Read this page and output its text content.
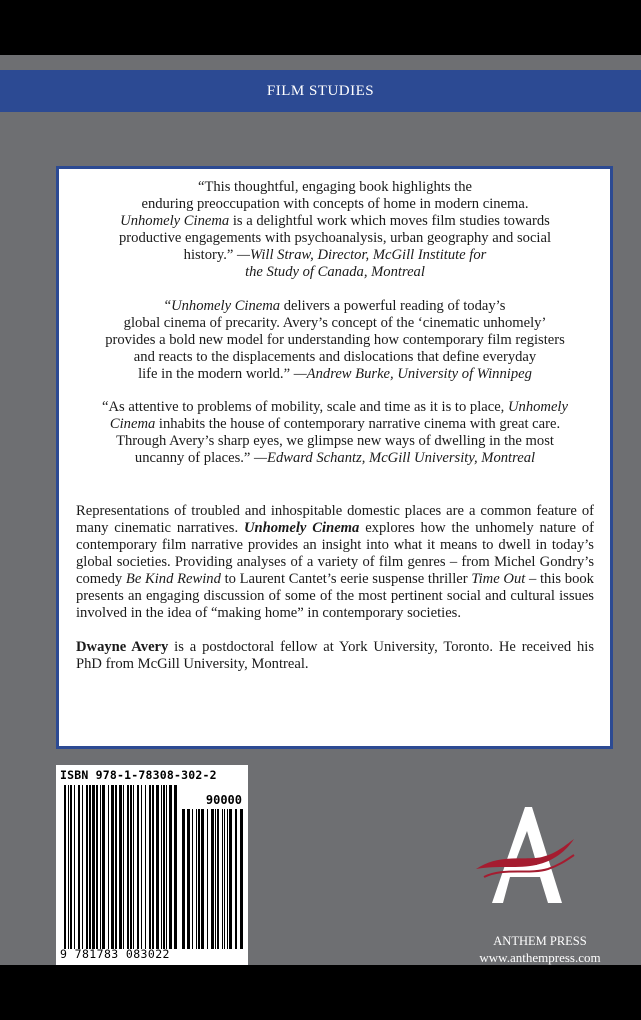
FILM STUDIES

“This thoughtful, engaging book highlights the
enduring preoccupation with concepts of home in modern cinema.
Unhomely Cinema is a delightful work which moves film studies towards
productive engagements with psychoanalysis, urban geography and social
history.” —Will Straw, Director, McGill Institute for
the Study of Canada, Montreal

“Unhomely Cinema delivers a powerful reading of today’s
global cinema of precarity. Avery’s concept of the ‘cinematic unhomely’
provides a bold new model for understanding how contemporary film registers
and reacts to the displacements and dislocations that define everyday
life in the modern world.” —Andrew Burke, University of Winnipeg

“As attentive to problems of mobility, scale and time as it is to place, Unhomely
Cinema inhabits the house of contemporary narrative cinema with great care.
Through Avery’s sharp eyes, we glimpse new ways of dwelling in the most
uncanny of places.” —Edward Schantz, McGill University, Montreal

Representations of troubled and inhospitable domestic places are a common feature of many cinematic narratives. Unhomely Cinema explores how the unhomely nature of contemporary film narrative provides an insight into what it means to dwell in today’s global societies. Providing analyses of a variety of film genres – from Michel Gondry’s comedy Be Kind Rewind to Laurent Cantet’s eerie suspense thriller Time Out – this book presents an engaging discussion of some of the most pertinent social and cultural issues involved in the idea of “making home” in contemporary societies.

Dwayne Avery is a postdoctoral fellow at York University, Toronto. He received his PhD from McGill University, Montreal.

ISBN 978-1-78308-302-2
90000
9 781783 083022
ANTHEM PRESS
www.anthempress.com
